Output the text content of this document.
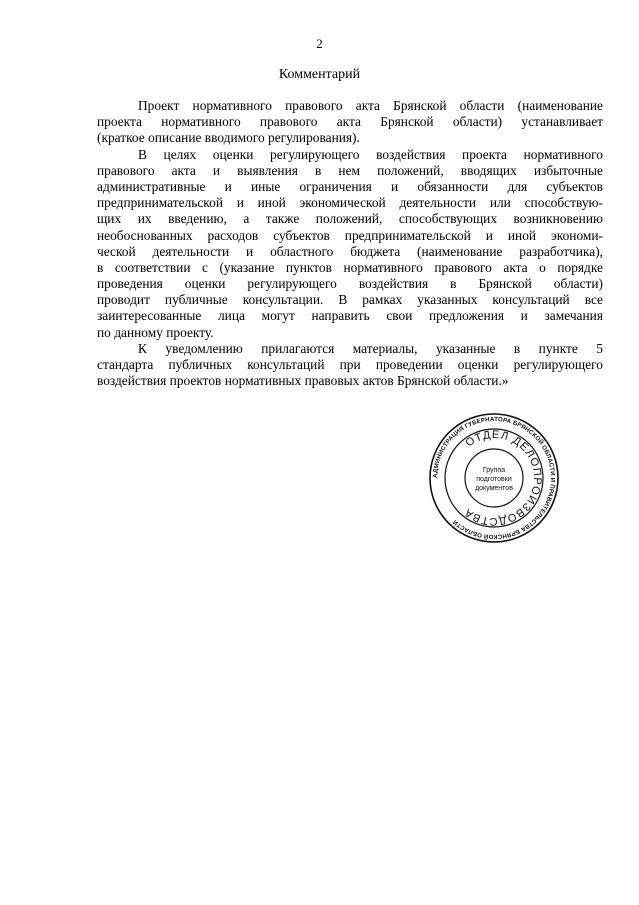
2
Комментарий
Проект нормативного правового акта Брянской области (наименование
проекта нормативного правового акта Брянской области) устанавливает
(краткое описание вводимого регулирования).
В целях оценки регулирующего воздействия проекта нормативного
правового акта и выявления в нем положений, вводящих избыточные
административные и иные ограничения и обязанности для субъектов
предпринимательской и иной экономической деятельности или способствую-
щих их введению, а также положений, способствующих возникновению
необоснованных расходов субъектов предпринимательской и иной экономи-
ческой деятельности и областного бюджета (наименование разработчика),
в соответствии с (указание пунктов нормативного правового акта о порядке
проведения оценки регулирующего воздействия в Брянской области)
проводит публичные консультации. В рамках указанных консультаций все
заинтересованные лица могут направить свои предложения и замечания
по данному проекту.
К уведомлению прилагаются материалы, указанные в пункте 5
стандарта публичных консультаций при проведении оценки регулирующего
воздействия проектов нормативных правовых актов Брянской области.»
АДМИНИСТРАЦИЯ ГУБЕРНАТОРА БРЯНСКОЙ ОБЛАСТИ И ПРАВИТЕЛЬСТВА БРЯНСКОЙ ОБЛАСТИ
ОТДЕЛ ДЕЛОПРОИЗВОДСТВА
Группа
подготовки
документов
